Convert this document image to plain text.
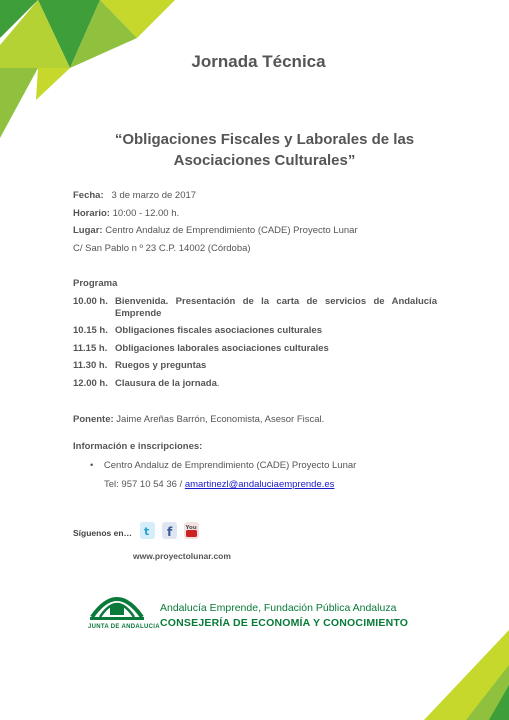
Jornada Técnica
“Obligaciones Fiscales y Laborales de las
Asociaciones Culturales”
Fecha: 3 de marzo de 2017
Horario: 10:00 - 12.00 h.
Lugar: Centro Andaluz de Emprendimiento (CADE) Proyecto Lunar
C/ San Pablo n º 23 C.P. 14002 (Córdoba)
Programa
10.00 h. Bienvenida. Presentación de la carta de servicios de Andalucía Emprende
10.15 h. Obligaciones fiscales asociaciones culturales
11.15 h. Obligaciones laborales asociaciones culturales
11.30 h. Ruegos y preguntas
12.00 h. Clausura de la jornada.
Ponente: Jaime Areñas Barrón, Economista, Asesor Fiscal.
Información e inscripciones:
• Centro Andaluz de Emprendimiento (CADE) Proyecto Lunar
Tel: 957 10 54 36 / amartinezl@andaluciaemprende.es
Síguenos en… t f You
www.proyectolunar.com
JUNTA DE ANDALUCIA
Andalucía Emprende, Fundación Pública Andaluza
CONSEJERÍA DE ECONOMÍA Y CONOCIMIENTO
